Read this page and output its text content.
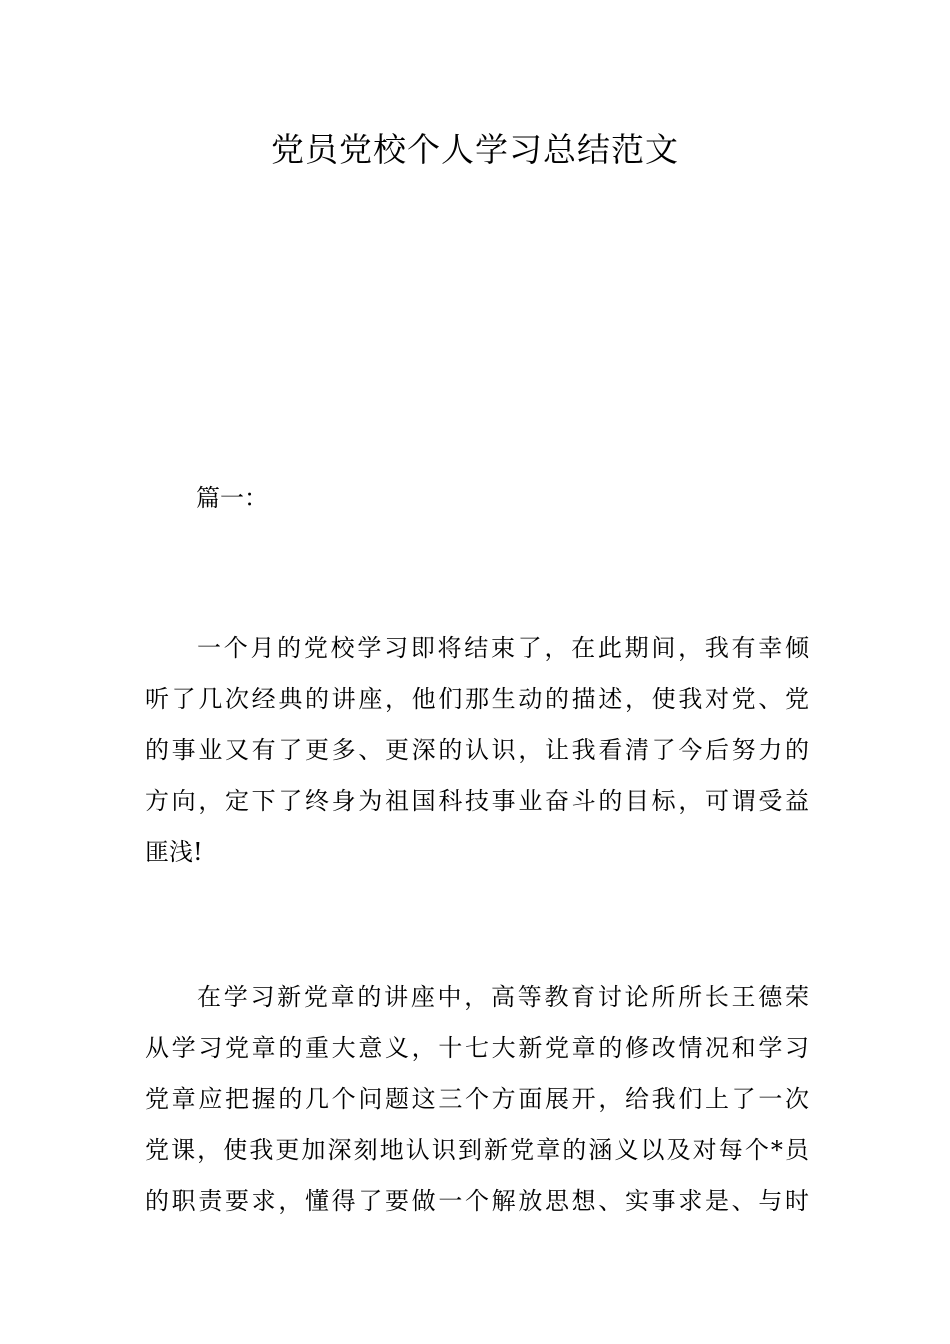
党员党校个人学习总结范文
篇一：
一个月的党校学习即将结束了，在此期间，我有幸倾
听了几次经典的讲座，他们那生动的描述，使我对党、党
的事业又有了更多、更深的认识，让我看清了今后努力的
方向，定下了终身为祖国科技事业奋斗的目标，可谓受益
匪浅!
在学习新党章的讲座中，高等教育讨论所所长王德荣
从学习党章的重大意义，十七大新党章的修改情况和学习
党章应把握的几个问题这三个方面展开，给我们上了一次
党课，使我更加深刻地认识到新党章的涵义以及对每个*员
的职责要求，懂得了要做一个解放思想、实事求是、与时
